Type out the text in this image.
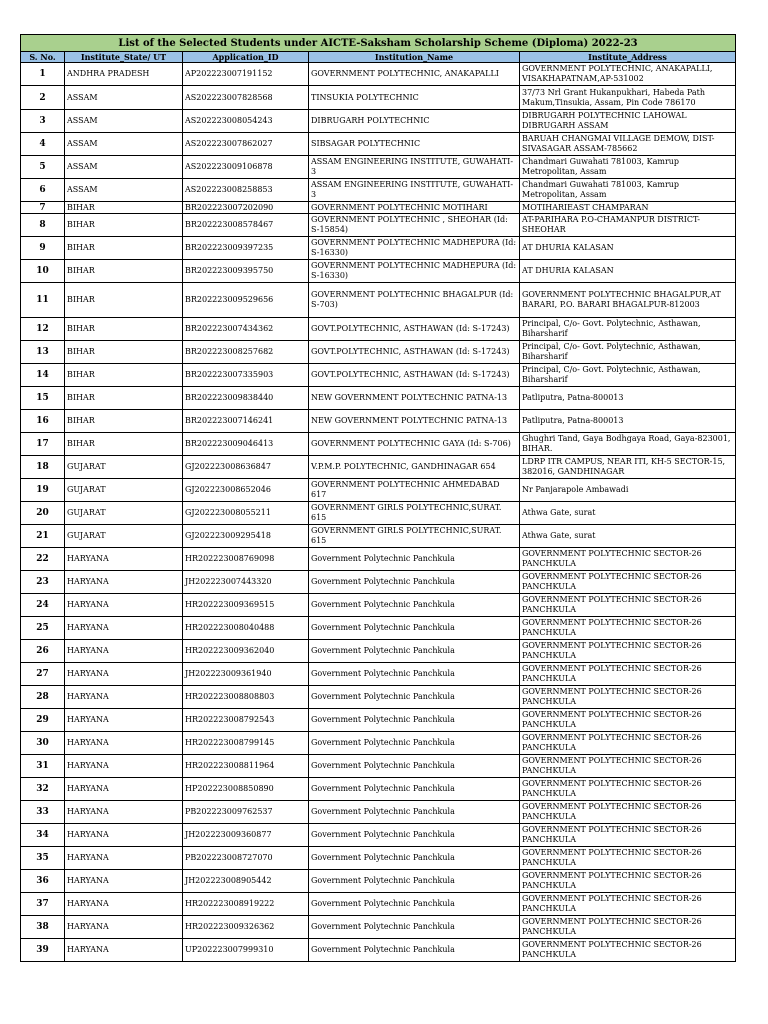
List of the Selected Students under AICTE-Saksham Scholarship Scheme (Diploma) 2022-23				
S. No.	Institute_State/ UT	Application_ID	Institution_Name	Institute_Address
1	ANDHRA PRADESH	AP202223007191152	GOVERNMENT POLYTECHNIC, ANAKAPALLI	GOVERNMENT POLYTECHNIC, ANAKAPALLI, VISAKHAPATNAM,AP-531002
2	ASSAM	AS202223007828568	TINSUKIA POLYTECHNIC	37/73 Nrl Grant Hukanpukhari, Habeda Path Makum,Tinsukia, Assam, Pin Code 786170
3	ASSAM	AS202223008054243	DIBRUGARH POLYTECHNIC	DIBRUGARH POLYTECHNIC LAHOWAL DIBRUGARH ASSAM
4	ASSAM	AS202223007862027	SIBSAGAR POLYTECHNIC	BARUAH CHANGMAI VILLAGE DEMOW, DIST-SIVASAGAR ASSAM-785662
5	ASSAM	AS202223009106878	ASSAM ENGINEERING INSTITUTE, GUWAHATI-3	Chandmari Guwahati 781003, Kamrup Metropolitan, Assam
6	ASSAM	AS202223008258853	ASSAM ENGINEERING INSTITUTE, GUWAHATI-3	Chandmari Guwahati 781003, Kamrup Metropolitan, Assam
7	BIHAR	BR202223007202090	GOVERNMENT POLYTECHNIC MOTIHARI	MOTIHARIEAST CHAMPARAN
8	BIHAR	BR202223008578467	GOVERNMENT POLYTECHNIC , SHEOHAR (Id: S-15854)	AT-PARIHARA P.O-CHAMANPUR DISTRICT-SHEOHAR
9	BIHAR	BR202223009397235	GOVERNMENT POLYTECHNIC MADHEPURA (Id: S-16330)	AT DHURIA KALASAN
10	BIHAR	BR202223009395750	GOVERNMENT POLYTECHNIC MADHEPURA (Id: S-16330)	AT DHURIA KALASAN
11	BIHAR	BR202223009529656	GOVERNMENT POLYTECHNIC BHAGALPUR (Id: S-703)	GOVERNMENT POLYTECHNIC BHAGALPUR,AT BARARI, P.O. BARARI BHAGALPUR-812003
12	BIHAR	BR202223007434362	GOVT.POLYTECHNIC, ASTHAWAN (Id: S-17243)	Principal, C/o- Govt. Polytechnic, Asthawan, Biharsharif
13	BIHAR	BR202223008257682	GOVT.POLYTECHNIC, ASTHAWAN (Id: S-17243)	Principal, C/o- Govt. Polytechnic, Asthawan, Biharsharif
14	BIHAR	BR202223007335903	GOVT.POLYTECHNIC, ASTHAWAN (Id: S-17243)	Principal, C/o- Govt. Polytechnic, Asthawan, Biharsharif
15	BIHAR	BR202223009838440	NEW GOVERNMENT POLYTECHNIC PATNA-13	Patliputra, Patna-800013
16	BIHAR	BR202223007146241	NEW GOVERNMENT POLYTECHNIC PATNA-13	Patliputra, Patna-800013
17	BIHAR	BR202223009046413	GOVERNMENT POLYTECHNIC GAYA (Id: S-706)	Ghughri Tand, Gaya Bodhgaya Road, Gaya-823001, BIHAR.
18	GUJARAT	GJ202223008636847	V.P.M.P. POLYTECHNIC, GANDHINAGAR 654	LDRP ITR CAMPUS, NEAR ITI, KH-5 SECTOR-15, 382016, GANDHINAGAR
19	GUJARAT	GJ202223008652046	GOVERNMENT POLYTECHNIC AHMEDABAD 617	Nr Panjarapole Ambawadi
20	GUJARAT	GJ202223008055211	GOVERNMENT GIRLS POLYTECHNIC,SURAT. 615	Athwa Gate, surat
21	GUJARAT	GJ202223009295418	GOVERNMENT GIRLS POLYTECHNIC,SURAT. 615	Athwa Gate, surat
22	HARYANA	HR202223008769098	Government Polytechnic Panchkula	GOVERNMENT POLYTECHNIC SECTOR-26 PANCHKULA
23	HARYANA	JH202223007443320	Government Polytechnic Panchkula	GOVERNMENT POLYTECHNIC SECTOR-26 PANCHKULA
24	HARYANA	HR202223009369515	Government Polytechnic Panchkula	GOVERNMENT POLYTECHNIC SECTOR-26 PANCHKULA
25	HARYANA	HR202223008040488	Government Polytechnic Panchkula	GOVERNMENT POLYTECHNIC SECTOR-26 PANCHKULA
26	HARYANA	HR202223009362040	Government Polytechnic Panchkula	GOVERNMENT POLYTECHNIC SECTOR-26 PANCHKULA
27	HARYANA	JH202223009361940	Government Polytechnic Panchkula	GOVERNMENT POLYTECHNIC SECTOR-26 PANCHKULA
28	HARYANA	HR202223008808803	Government Polytechnic Panchkula	GOVERNMENT POLYTECHNIC SECTOR-26 PANCHKULA
29	HARYANA	HR202223008792543	Government Polytechnic Panchkula	GOVERNMENT POLYTECHNIC SECTOR-26 PANCHKULA
30	HARYANA	HR202223008799145	Government Polytechnic Panchkula	GOVERNMENT POLYTECHNIC SECTOR-26 PANCHKULA
31	HARYANA	HR202223008811964	Government Polytechnic Panchkula	GOVERNMENT POLYTECHNIC SECTOR-26 PANCHKULA
32	HARYANA	HP202223008850890	Government Polytechnic Panchkula	GOVERNMENT POLYTECHNIC SECTOR-26 PANCHKULA
33	HARYANA	PB202223009762537	Government Polytechnic Panchkula	GOVERNMENT POLYTECHNIC SECTOR-26 PANCHKULA
34	HARYANA	JH202223009360877	Government Polytechnic Panchkula	GOVERNMENT POLYTECHNIC SECTOR-26 PANCHKULA
35	HARYANA	PB202223008727070	Government Polytechnic Panchkula	GOVERNMENT POLYTECHNIC SECTOR-26 PANCHKULA
36	HARYANA	JH202223008905442	Government Polytechnic Panchkula	GOVERNMENT POLYTECHNIC SECTOR-26 PANCHKULA
37	HARYANA	HR202223008919222	Government Polytechnic Panchkula	GOVERNMENT POLYTECHNIC SECTOR-26 PANCHKULA
38	HARYANA	HR202223009326362	Government Polytechnic Panchkula	GOVERNMENT POLYTECHNIC SECTOR-26 PANCHKULA
39	HARYANA	UP202223007999310	Government Polytechnic Panchkula	GOVERNMENT POLYTECHNIC SECTOR-26 PANCHKULA
